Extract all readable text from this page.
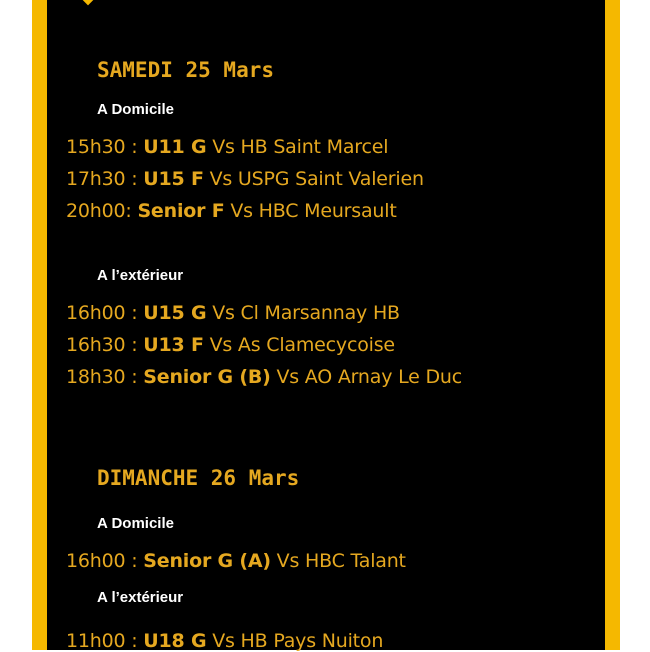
SAMEDI 25 Mars
A Domicile
15h30 : U11 G Vs HB Saint Marcel
17h30 : U15 F Vs USPG Saint Valerien
20h00: Senior F Vs HBC Meursault
A l’extérieur
16h00 : U15 G Vs Cl Marsannay HB
16h30 : U13 F Vs As Clamecycoise
18h30 : Senior G (B) Vs AO Arnay Le Duc
DIMANCHE 26 Mars
A Domicile
16h00 : Senior G (A) Vs HBC Talant
A l’extérieur
11h00 : U18 G Vs HB Pays Nuiton
